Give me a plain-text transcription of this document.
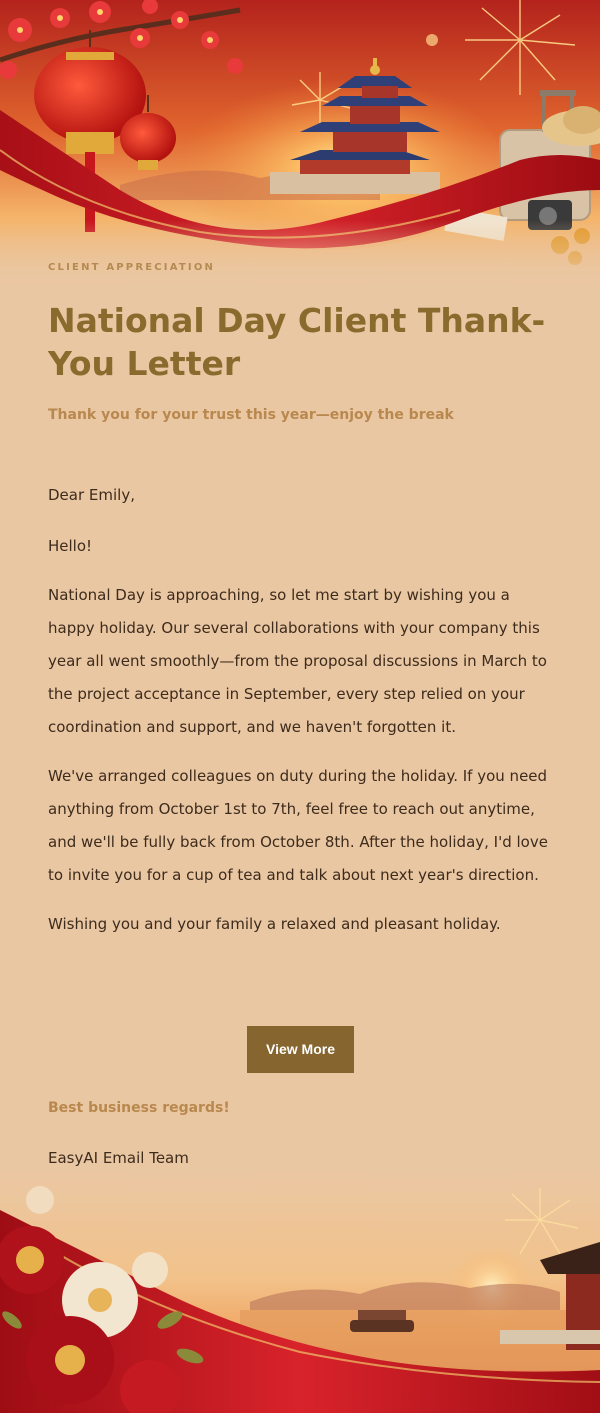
CLIENT APPRECIATION

National Day Client Thank-You Letter

Thank you for your trust this year—enjoy the break

Dear Emily,

Hello!

National Day is approaching, so let me start by wishing you a happy holiday. Our several collaborations with your company this year all went smoothly—from the proposal discussions in March to the project acceptance in September, every step relied on your coordination and support, and we haven't forgotten it.

We've arranged colleagues on duty during the holiday. If you need anything from October 1st to 7th, feel free to reach out anytime, and we'll be fully back from October 8th. After the holiday, I'd love to invite you for a cup of tea and talk about next year's direction.

Wishing you and your family a relaxed and pleasant holiday.

View More

Best business regards!

EasyAI Email Team
